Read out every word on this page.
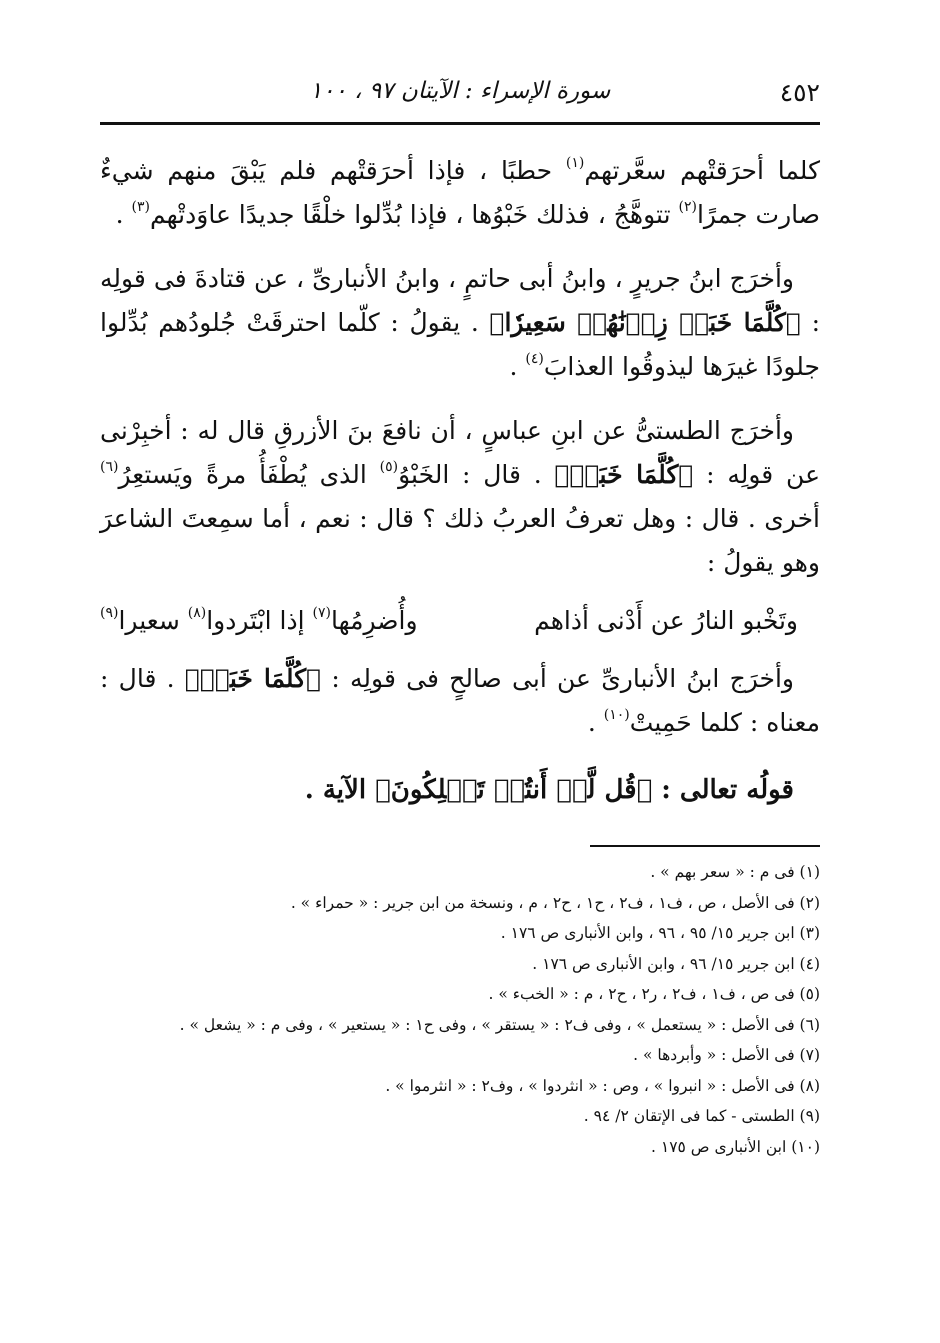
٤٥٢
سورة الإسراء : الآيتان ٩٧ ، ١٠٠

كلما أحرَقتْهم سعَّرتهم$^{(١)}$ حطبًا ، فإذا أحرَقتْهم فلم يَبْقَ منهم شيءٌ صارت جمرًا$^{(٢)}$ تتوهَّجُ ، فذلك خَبْوُها ، فإذا بُدِّلوا خلْقًا جديدًا عاوَدتْهم$^{(٣)}$ .

وأخرَج ابنُ جريرٍ ، وابنُ أبى حاتمٍ ، وابنُ الأنبارىِّ ، عن قتادةَ فى قولِه : ﴿كُلَّمَا خَبَتۡ زِدۡنَٰهُمۡ سَعِيرٗا﴾ . يقولُ : كلّما احترقَتْ جُلودُهم بُدِّلوا جلودًا غيرَها ليذوقُوا العذابَ$^{(٤)}$ .

وأخرَج الطستىُّ عن ابنِ عباسٍ ، أن نافعَ بنَ الأزرقِ قال له : أخبِرْنى عن قولِه : ﴿كُلَّمَا خَبَتۡ﴾ . قال : الخَبْوُ$^{(٥)}$ الذى يُطْفَأُ مرةً ويَستعِرُ$^{(٦)}$ أخرى . قال : وهل تعرفُ العربُ ذلك ؟ قال : نعم ، أما سمِعتَ الشاعرَ وهو يقولُ :

وتَخْبو النارُ عن أَدْنى أذاهم
وأُضرِمُها$^{(٧)}$ إذا ابْتَردوا$^{(٨)}$ سعيرا$^{(٩)}$

وأخرَج ابنُ الأنبارىِّ عن أبى صالحٍ فى قولِه : ﴿كُلَّمَا خَبَتۡ﴾ . قال : معناه : كلما حَمِيتْ$^{(١٠)}$ .

قولُه تعالى : ﴿قُل لَّوۡ أَنتُمۡ تَمۡلِكُونَ﴾ الآية .
(١) فى م : « سعر بهم » .
(٢) فى الأصل ، ص ، ف١ ، ف٢ ، ح١ ، ح٢ ، م ، ونسخة من ابن جرير : « حمراء » .
(٣) ابن جرير ١٥/ ٩٥ ، ٩٦ ، وابن الأنبارى ص ١٧٦ .
(٤) ابن جرير ١٥/ ٩٦ ، وابن الأنبارى ص ١٧٦ .
(٥) فى ص ، ف١ ، ف٢ ، ر٢ ، ح٢ ، م : « الخبء » .
(٦) فى الأصل : « يستعمل » ، وفى ف٢ : « يستقر » ، وفى ح١ : « يستعير » ، وفى م : « يشعل » .
(٧) فى الأصل : « وأبردها » .
(٨) فى الأصل : « انبروا » ، وص : « انثردوا » ، وف٢ : « انثرموا » .
(٩) الطستى - كما فى الإتقان ٢/ ٩٤ .
(١٠) ابن الأنبارى ص ١٧٥ .
